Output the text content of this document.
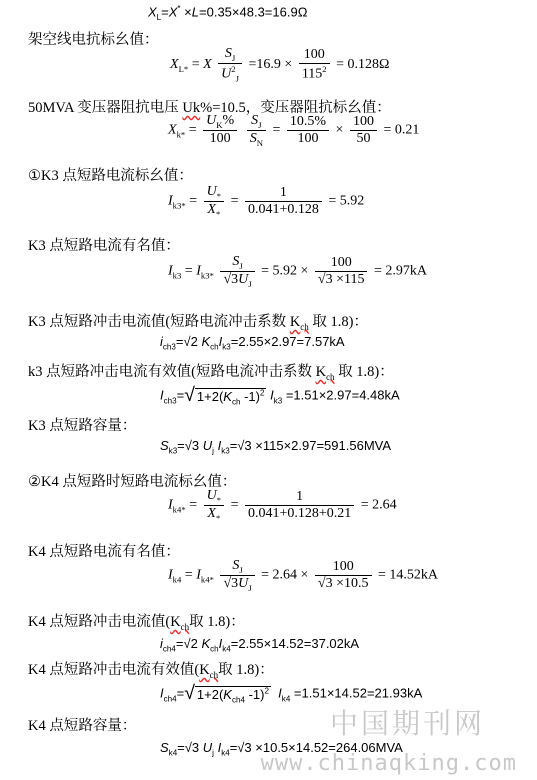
$X_L=X^* \times L=0.35\times 48.3=16.9\Omega$
架空线电抗标幺值：
$X_{L*} = X \frac{S_J}{U^2_J} =16.9 \times \frac{100}{115^2} = 0.128\Omega$
50MVA 变压器阻抗电压 Uk%=10.5，变压器阻抗标幺值：
$X_{k*} = \frac{U_K\%}{100}$
$\frac{S_J}{S_N} = \frac{10.5\%}{100} \times \frac{100}{50} = 0.21$
①K3 点短路电流标幺值：
$I_{k3*} = \frac{U_*}{X_*} = \frac{1}{0.041+0.128} = 5.92$
K3 点短路电流有名值：
$I_{k3} = I_{k3*} \frac{S_J}{√3U_J} = 5.92 \times \frac{100}{√3 \times 115} = 2.97kA$
K3 点短路冲击电流值(短路电流冲击系数 $K_{ch}$ 取 1.8)：
$i_{ch3}=√2$ $K_{ch}I_{k3}=2.55\times 2.97=7.57kA$
k3 点短路冲击电流有效值(短路电流冲击系数 $K_{ch}$ 取 1.8)：
$I_{ch3}=√$ $1+2(K_{ch}$ -1)$^2$ $I_{k3} =1.51\times 2.97=4.48kA$
K3 点短路容量：
$S_{k3}=√3$ $U_j$ $I_{k3}=√3 \times 115\times 2.97=591.56MVA$
②K4 点短路时短路电流标幺值：
$I_{k4*} = \frac{U_*}{X_*} = \frac{1}{0.041+0.128+0.21} = 2.64$
K4 点短路电流有名值：
$I_{k4} = I_{k4*} \frac{S_J}{√3U_J} = 2.64 \times \frac{100}{√3 \times 10.5} = 14.52kA$
K4 点短路冲击电流值($K_{ch}$取 1.8)：
$i_{ch4}=√2$ $K_{ch}I_{k4}=2.55\times 14.52=37.02kA$
K4 点短路冲击电流有效值($K_{ch}$取 1.8)：
$I_{ch4}=√$ $1+2(K_{ch4}$ -1)$^2$ $I_{k4} =1.51\times 14.52=21.93kA$
K4 点短路容量：
$S_{k4}=√3$ $U_j$ $I_{k4}=√3 \times 10.5\times 14.52=264.06MVA$
中国期刊网
www.chinaqking.com
